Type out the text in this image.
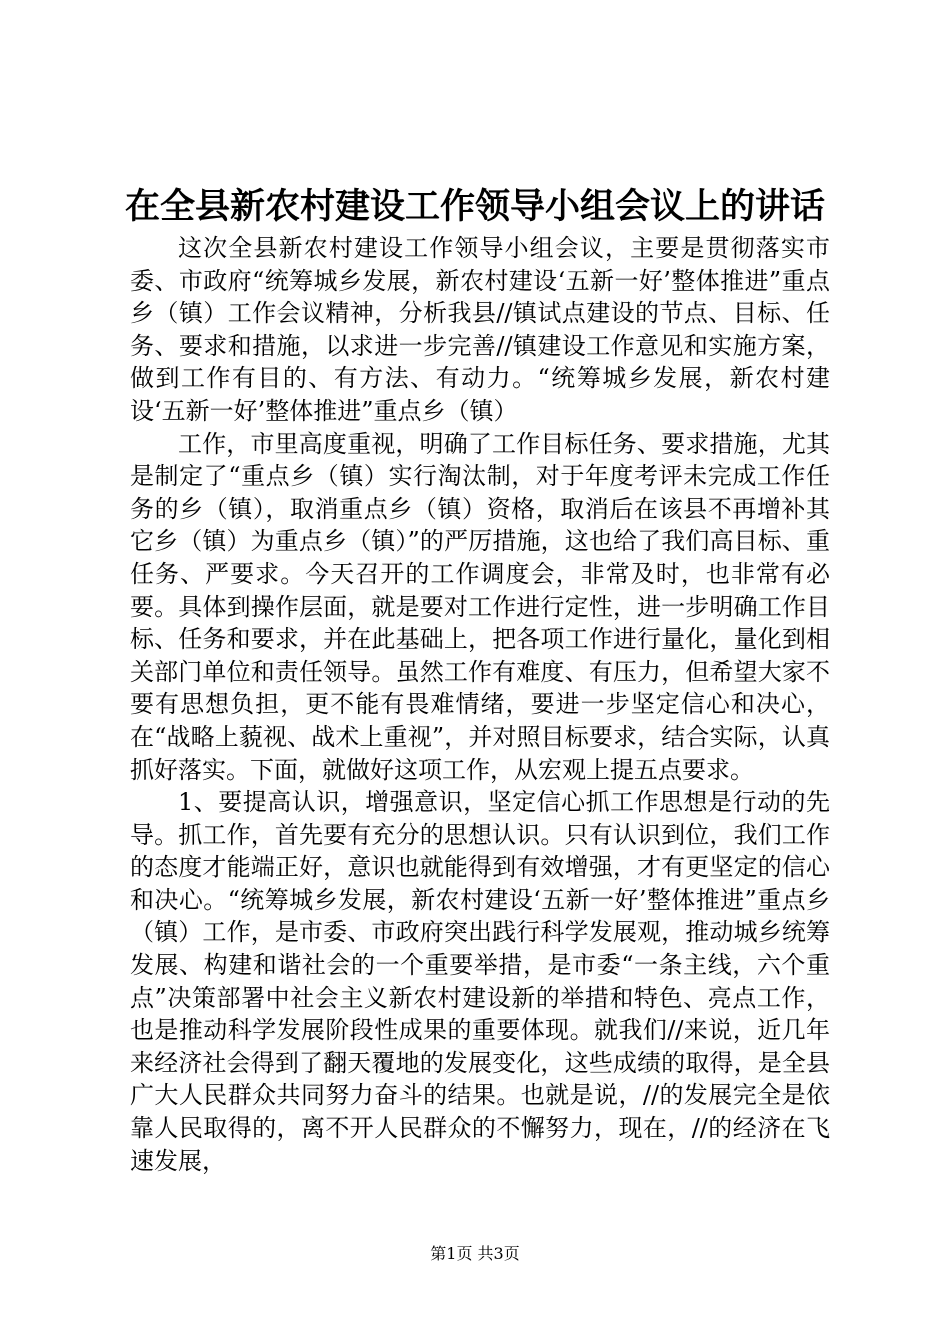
在全县新农村建设工作领导小组会议上的讲话

这次全县新农村建设工作领导小组会议，主要是贯彻落实市委、市政府“统筹城乡发展，新农村建设‘五新一好’整体推进”重点乡（镇）工作会议精神，分析我县//镇试点建设的节点、目标、任务、要求和措施，以求进一步完善//镇建设工作意见和实施方案，做到工作有目的、有方法、有动力。“统筹城乡发展，新农村建设‘五新一好’整体推进”重点乡（镇）

工作，市里高度重视，明确了工作目标任务、要求措施，尤其是制定了“重点乡（镇）实行淘汰制，对于年度考评未完成工作任务的乡（镇），取消重点乡（镇）资格，取消后在该县不再增补其它乡（镇）为重点乡（镇）”的严厉措施，这也给了我们高目标、重任务、严要求。今天召开的工作调度会，非常及时，也非常有必要。具体到操作层面，就是要对工作进行定性，进一步明确工作目标、任务和要求，并在此基础上，把各项工作进行量化，量化到相关部门单位和责任领导。虽然工作有难度、有压力，但希望大家不要有思想负担，更不能有畏难情绪，要进一步坚定信心和决心，在“战略上藐视、战术上重视”，并对照目标要求，结合实际，认真抓好落实。下面，就做好这项工作，从宏观上提五点要求。

1、要提高认识，增强意识，坚定信心抓工作思想是行动的先导。抓工作，首先要有充分的思想认识。只有认识到位，我们工作的态度才能端正好，意识也就能得到有效增强，才有更坚定的信心和决心。“统筹城乡发展，新农村建设‘五新一好’整体推进”重点乡（镇）工作，是市委、市政府突出践行科学发展观，推动城乡统筹发展、构建和谐社会的一个重要举措，是市委“一条主线，六个重点”决策部署中社会主义新农村建设新的举措和特色、亮点工作，也是推动科学发展阶段性成果的重要体现。就我们//来说，近几年来经济社会得到了翻天覆地的发展变化，这些成绩的取得，是全县广大人民群众共同努力奋斗的结果。也就是说，//的发展完全是依靠人民取得的，离不开人民群众的不懈努力，现在，//的经济在飞速发展，

第1页 共3页
